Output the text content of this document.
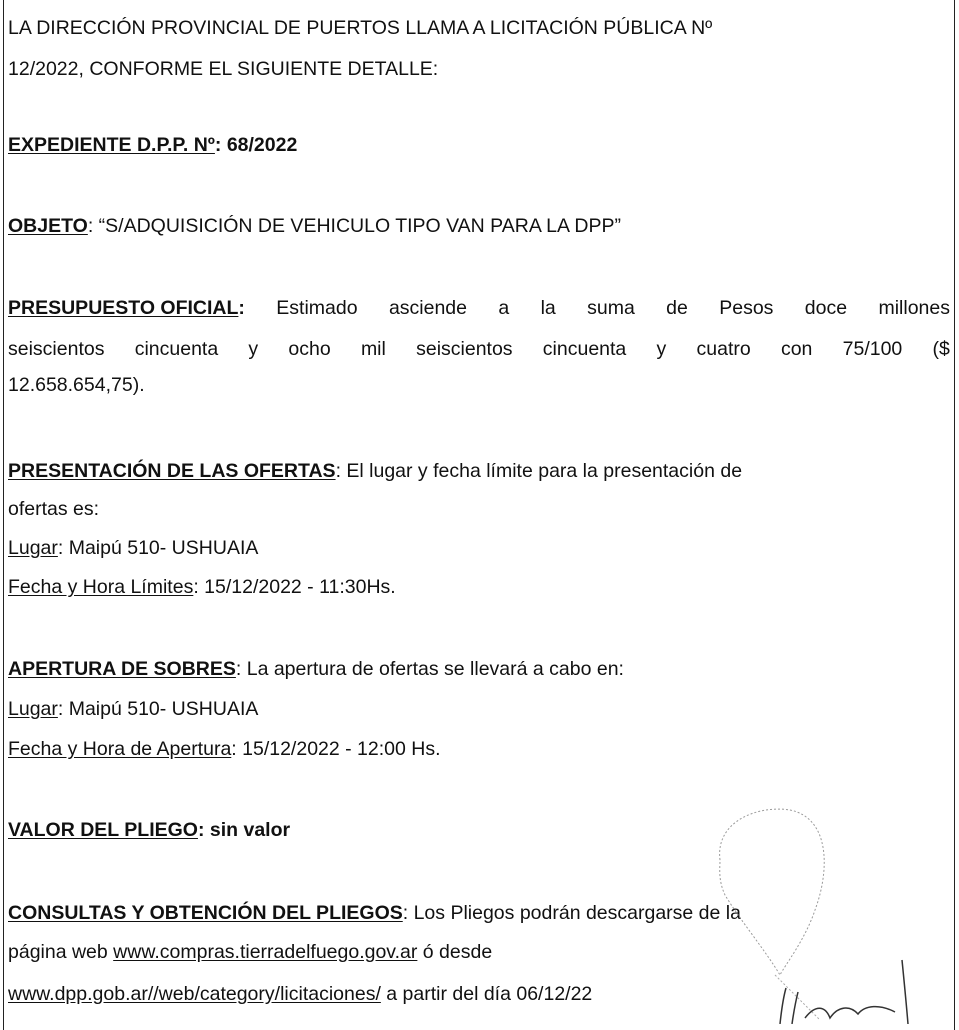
LA DIRECCIÓN PROVINCIAL DE PUERTOS LLAMA A LICITACIÓN PÚBLICA Nº
12/2022, CONFORME EL SIGUIENTE DETALLE:
EXPEDIENTE D.P.P. Nº: 68/2022
OBJETO: “S/ADQUISICIÓN DE VEHICULO TIPO VAN PARA LA DPP”
PRESUPUESTO OFICIAL: Estimado asciende a la suma de Pesos doce millones
seiscientos cincuenta y ocho mil seiscientos cincuenta y cuatro con 75/100 ($
12.658.654,75).
PRESENTACIÓN DE LAS OFERTAS: El lugar y fecha límite para la presentación de
ofertas es:
Lugar: Maipú 510- USHUAIA
Fecha y Hora Límites: 15/12/2022 - 11:30Hs.
APERTURA DE SOBRES: La apertura de ofertas se llevará a cabo en:
Lugar: Maipú 510- USHUAIA
Fecha y Hora de Apertura: 15/12/2022 - 12:00 Hs.
VALOR DEL PLIEGO: sin valor
CONSULTAS Y OBTENCIÓN DEL PLIEGOS: Los Pliegos podrán descargarse de la
página web www.compras.tierradelfuego.gov.ar ó desde
www.dpp.gob.ar//web/category/licitaciones/ a partir del día 06/12/22
